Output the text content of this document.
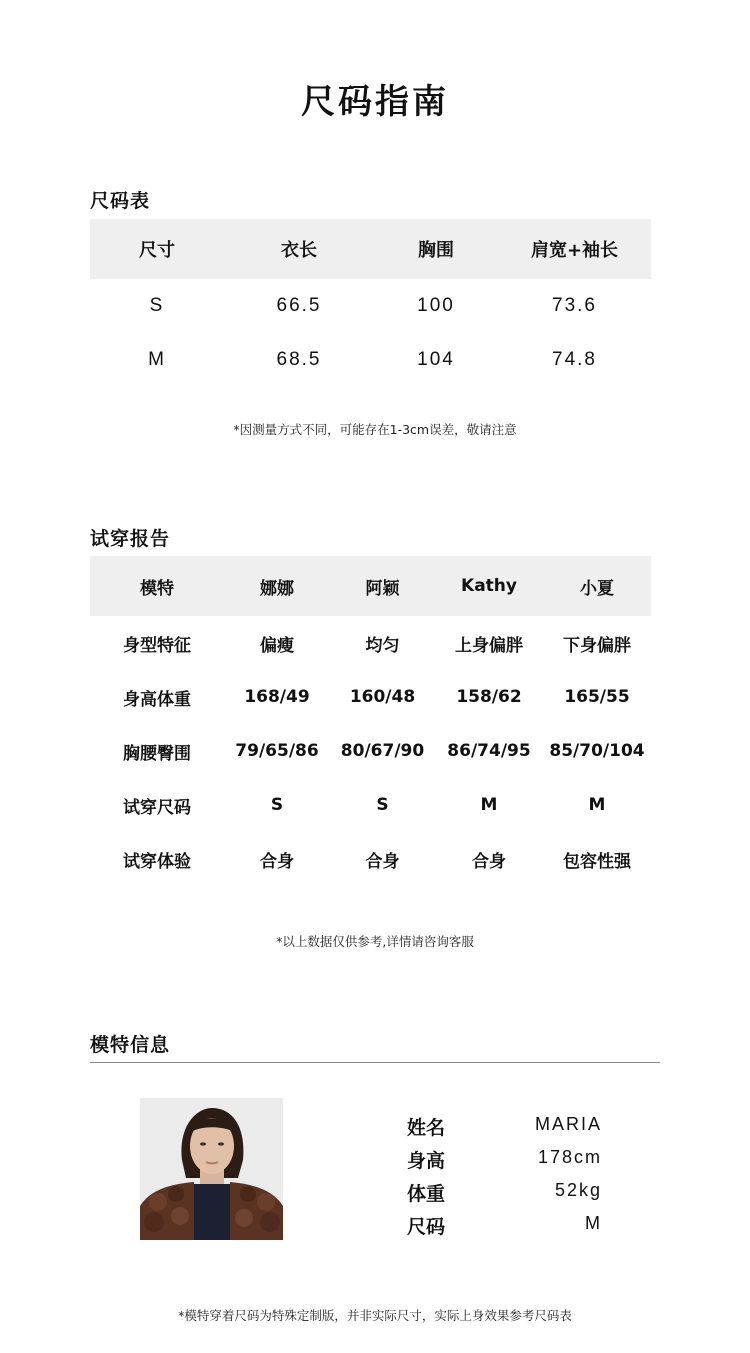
尺码指南
尺码表
尺寸	衣长	胸围	肩宽+袖长
S	66.5	100	73.6
M	68.5	104	74.8
*因测量方式不同，可能存在1-3cm误差，敬请注意
试穿报告
模特	娜娜	阿颖	Kathy	小夏
身型特征	偏瘦	均匀	上身偏胖	下身偏胖
身高体重	168/49	160/48	158/62	165/55
胸腰臀围	79/65/86	80/67/90	86/74/95	85/70/104
试穿尺码	S	S	M	M
试穿体验	合身	合身	合身	包容性强
*以上数据仅供参考,详情请咨询客服
模特信息
姓名	MARIA
身高	178cm
体重	52kg
尺码	M
*模特穿着尺码为特殊定制版，并非实际尺寸，实际上身效果参考尺码表
